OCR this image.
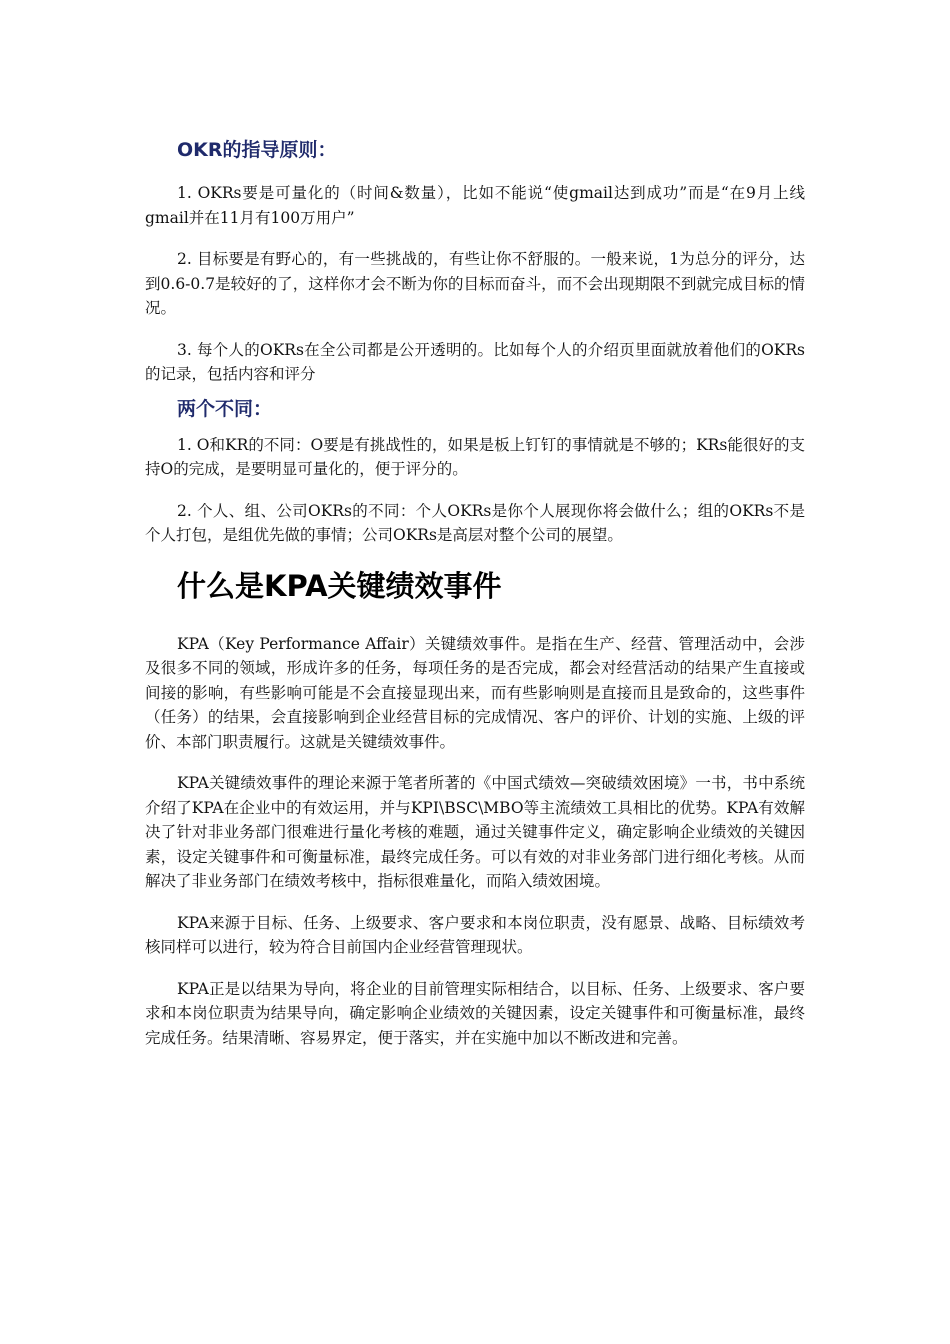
OKR的指导原则：

1. OKRs要是可量化的（时间&数量），比如不能说“使gmail达到成功”而是“在9月上线gmail并在11月有100万用户”

2. 目标要是有野心的，有一些挑战的，有些让你不舒服的。一般来说，1为总分的评分，达到0.6-0.7是较好的了，这样你才会不断为你的目标而奋斗，而不会出现期限不到就完成目标的情况。

3. 每个人的OKRs在全公司都是公开透明的。比如每个人的介绍页里面就放着他们的OKRs的记录，包括内容和评分

两个不同：

1. O和KR的不同：O要是有挑战性的，如果是板上钉钉的事情就是不够的；KRs能很好的支持O的完成，是要明显可量化的，便于评分的。

2. 个人、组、公司OKRs的不同：个人OKRs是你个人展现你将会做什么；组的OKRs不是个人打包，是组优先做的事情；公司OKRs是高层对整个公司的展望。

什么是KPA关键绩效事件

KPA（Key Performance Affair）关键绩效事件。是指在生产、经营、管理活动中，会涉及很多不同的领域，形成许多的任务，每项任务的是否完成，都会对经营活动的结果产生直接或间接的影响，有些影响可能是不会直接显现出来，而有些影响则是直接而且是致命的，这些事件（任务）的结果，会直接影响到企业经营目标的完成情况、客户的评价、计划的实施、上级的评价、本部门职责履行。这就是关键绩效事件。

KPA关键绩效事件的理论来源于笔者所著的《中国式绩效—突破绩效困境》一书，书中系统介绍了KPA在企业中的有效运用，并与KPI\BSC\MBO等主流绩效工具相比的优势。KPA有效解决了针对非业务部门很难进行量化考核的难题，通过关键事件定义，确定影响企业绩效的关键因素，设定关键事件和可衡量标准，最终完成任务。可以有效的对非业务部门进行细化考核。从而解决了非业务部门在绩效考核中，指标很难量化，而陷入绩效困境。

KPA来源于目标、任务、上级要求、客户要求和本岗位职责，没有愿景、战略、目标绩效考核同样可以进行，较为符合目前国内企业经营管理现状。

KPA正是以结果为导向，将企业的目前管理实际相结合，以目标、任务、上级要求、客户要求和本岗位职责为结果导向，确定影响企业绩效的关键因素，设定关键事件和可衡量标准，最终完成任务。结果清晰、容易界定，便于落实，并在实施中加以不断改进和完善。
